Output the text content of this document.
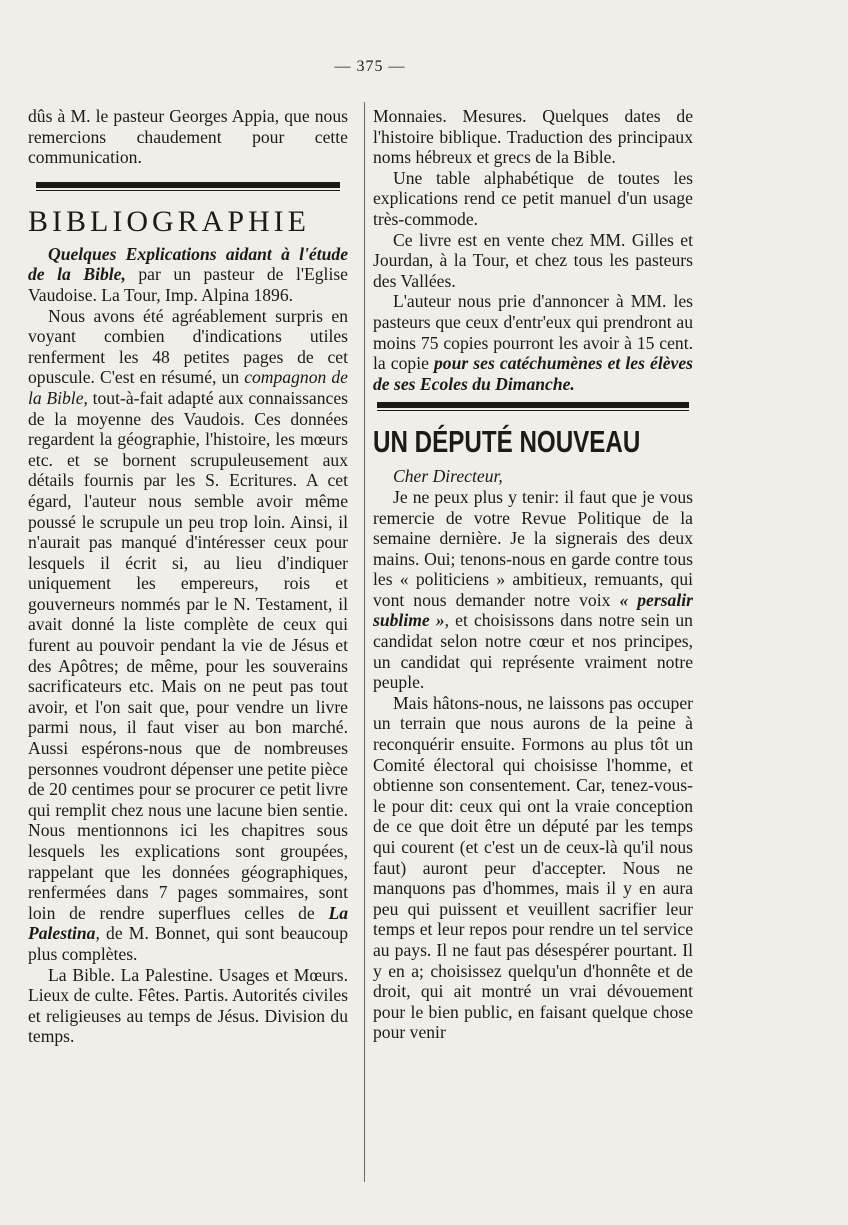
— 375 —

dûs à M. le pasteur Georges Appia, que nous remercions chaudement pour cette communication.

BIBLIOGRAPHIE

Quelques Explications aidant à l'étude de la Bible, par un pasteur de l'Eglise Vaudoise. La Tour, Imp. Alpina 1896.

Nous avons été agréablement surpris en voyant combien d'indications utiles renferment les 48 petites pages de cet opuscule. C'est en résumé, un compagnon de la Bible, tout-à-fait adapté aux connaissances de la moyenne des Vaudois. Ces données regardent la géographie, l'histoire, les mœurs etc. et se bornent scrupuleusement aux détails fournis par les S. Ecritures. A cet égard, l'auteur nous semble avoir même poussé le scrupule un peu trop loin. Ainsi, il n'aurait pas manqué d'intéresser ceux pour lesquels il écrit si, au lieu d'indiquer uniquement les empereurs, rois et gouverneurs nommés par le N. Testament, il avait donné la liste complète de ceux qui furent au pouvoir pendant la vie de Jésus et des Apôtres; de même, pour les souverains sacrificateurs etc. Mais on ne peut pas tout avoir, et l'on sait que, pour vendre un livre parmi nous, il faut viser au bon marché. Aussi espérons-nous que de nombreuses personnes voudront dépenser une petite pièce de 20 centimes pour se procurer ce petit livre qui remplit chez nous une lacune bien sentie. Nous mentionnons ici les chapitres sous lesquels les explications sont groupées, rappelant que les données géographiques, renfermées dans 7 pages sommaires, sont loin de rendre superflues celles de La Palestina, de M. Bonnet, qui sont beaucoup plus complètes.

La Bible. La Palestine. Usages et Mœurs. Lieux de culte. Fêtes. Partis. Autorités civiles et religieuses au temps de Jésus. Division du temps.

Monnaies. Mesures. Quelques dates de l'histoire biblique. Traduction des principaux noms hébreux et grecs de la Bible.

Une table alphabétique de toutes les explications rend ce petit manuel d'un usage très-commode.

Ce livre est en vente chez MM. Gilles et Jourdan, à la Tour, et chez tous les pasteurs des Vallées.

L'auteur nous prie d'annoncer à MM. les pasteurs que ceux d'entr'eux qui prendront au moins 75 copies pourront les avoir à 15 cent. la copie pour ses catéchumènes et les élèves de ses Ecoles du Dimanche.

UN DÉPUTÉ NOUVEAU

Cher Directeur,

Je ne peux plus y tenir: il faut que je vous remercie de votre Revue Politique de la semaine dernière. Je la signerais des deux mains. Oui; tenons-nous en garde contre tous les « politiciens » ambitieux, remuants, qui vont nous demander notre voix « persalir sublime », et choisissons dans notre sein un candidat selon notre cœur et nos principes, un candidat qui représente vraiment notre peuple.

Mais hâtons-nous, ne laissons pas occuper un terrain que nous aurons de la peine à reconquérir ensuite. Formons au plus tôt un Comité électoral qui choisisse l'homme, et obtienne son consentement. Car, tenez-vous-le pour dit: ceux qui ont la vraie conception de ce que doit être un député par les temps qui courent (et c'est un de ceux-là qu'il nous faut) auront peur d'accepter. Nous ne manquons pas d'hommes, mais il y en aura peu qui puissent et veuillent sacrifier leur temps et leur repos pour rendre un tel service au pays. Il ne faut pas désespérer pourtant. Il y en a; choisissez quelqu'un d'honnête et de droit, qui ait montré un vrai dévouement pour le bien public, en faisant quelque chose pour venir
